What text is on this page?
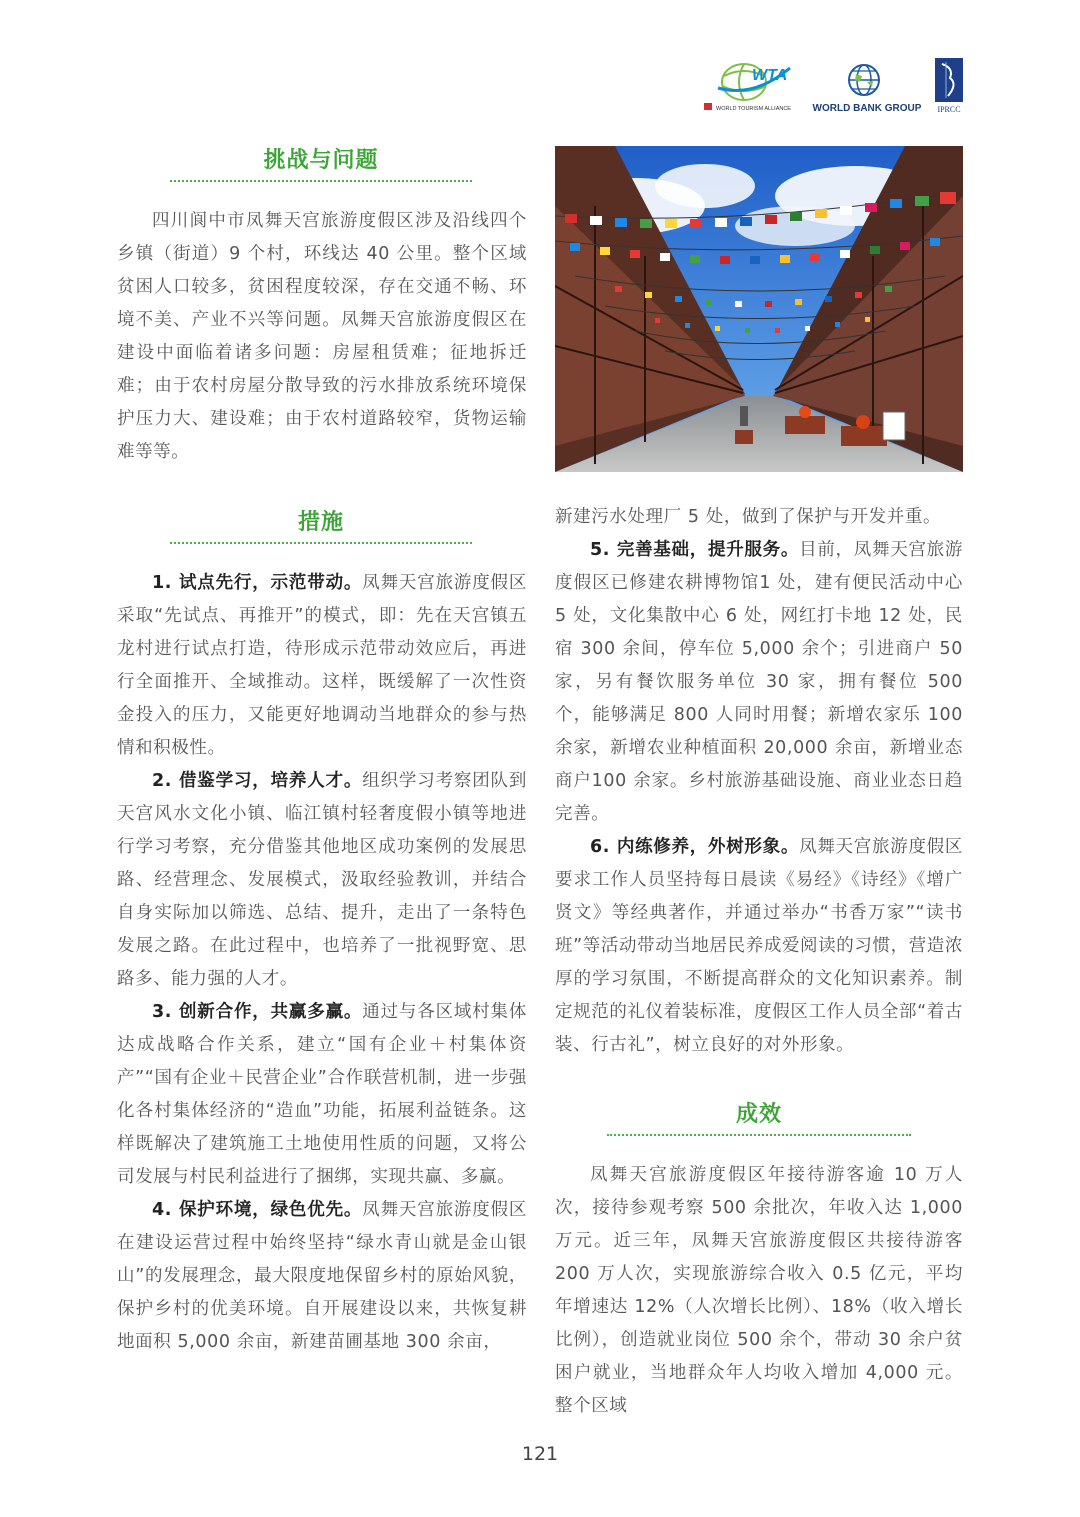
WTA
WORLD TOURISM ALLIANCE WORLD BANK GROUP IPRCC
挑战与问题

四川阆中市凤舞天宫旅游度假区涉及沿线四个乡镇（街道）9 个村，环线达 40 公里。整个区域贫困人口较多，贫困程度较深，存在交通不畅、环境不美、产业不兴等问题。凤舞天宫旅游度假区在建设中面临着诸多问题：房屋租赁难；征地拆迁难；由于农村房屋分散导致的污水排放系统环境保护压力大、建设难；由于农村道路较窄，货物运输难等等。

措施

1. 试点先行，示范带动。凤舞天宫旅游度假区采取“先试点、再推开”的模式，即：先在天宫镇五龙村进行试点打造，待形成示范带动效应后，再进行全面推开、全域推动。这样，既缓解了一次性资金投入的压力，又能更好地调动当地群众的参与热情和积极性。

2. 借鉴学习，培养人才。组织学习考察团队到天宫风水文化小镇、临江镇村轻奢度假小镇等地进行学习考察，充分借鉴其他地区成功案例的发展思路、经营理念、发展模式，汲取经验教训，并结合自身实际加以筛选、总结、提升，走出了一条特色发展之路。在此过程中，也培养了一批视野宽、思路多、能力强的人才。

3. 创新合作，共赢多赢。通过与各区域村集体达成战略合作关系，建立“国有企业＋村集体资产”“国有企业＋民营企业”合作联营机制，进一步强化各村集体经济的“造血”功能，拓展利益链条。这样既解决了建筑施工土地使用性质的问题，又将公司发展与村民利益进行了捆绑，实现共赢、多赢。

4. 保护环境，绿色优先。凤舞天宫旅游度假区在建设运营过程中始终坚持“绿水青山就是金山银山”的发展理念，最大限度地保留乡村的原始风貌，保护乡村的优美环境。自开展建设以来，共恢复耕地面积 5,000 余亩，新建苗圃基地 300 余亩，

新建污水处理厂 5 处，做到了保护与开发并重。

5. 完善基础，提升服务。目前，凤舞天宫旅游度假区已修建农耕博物馆1 处，建有便民活动中心 5 处，文化集散中心 6 处，网红打卡地 12 处，民宿 300 余间，停车位 5,000 余个；引进商户 50 家，另有餐饮服务单位 30 家，拥有餐位 500 个，能够满足 800 人同时用餐；新增农家乐 100 余家，新增农业种植面积 20,000 余亩，新增业态商户100 余家。乡村旅游基础设施、商业业态日趋完善。

6. 内练修养，外树形象。凤舞天宫旅游度假区要求工作人员坚持每日晨读《易经》《诗经》《增广贤文》等经典著作，并通过举办“书香万家”“读书班”等活动带动当地居民养成爱阅读的习惯，营造浓厚的学习氛围，不断提高群众的文化知识素养。制定规范的礼仪着装标准，度假区工作人员全部“着古装、行古礼”，树立良好的对外形象。

成效

凤舞天宫旅游度假区年接待游客逾 10 万人次，接待参观考察 500 余批次，年收入达 1,000 万元。近三年，凤舞天宫旅游度假区共接待游客200 万人次，实现旅游综合收入 0.5 亿元，平均年增速达 12%（人次增长比例）、18%（收入增长比例），创造就业岗位 500 余个，带动 30 余户贫困户就业，当地群众年人均收入增加 4,000 元。整个区域

121
